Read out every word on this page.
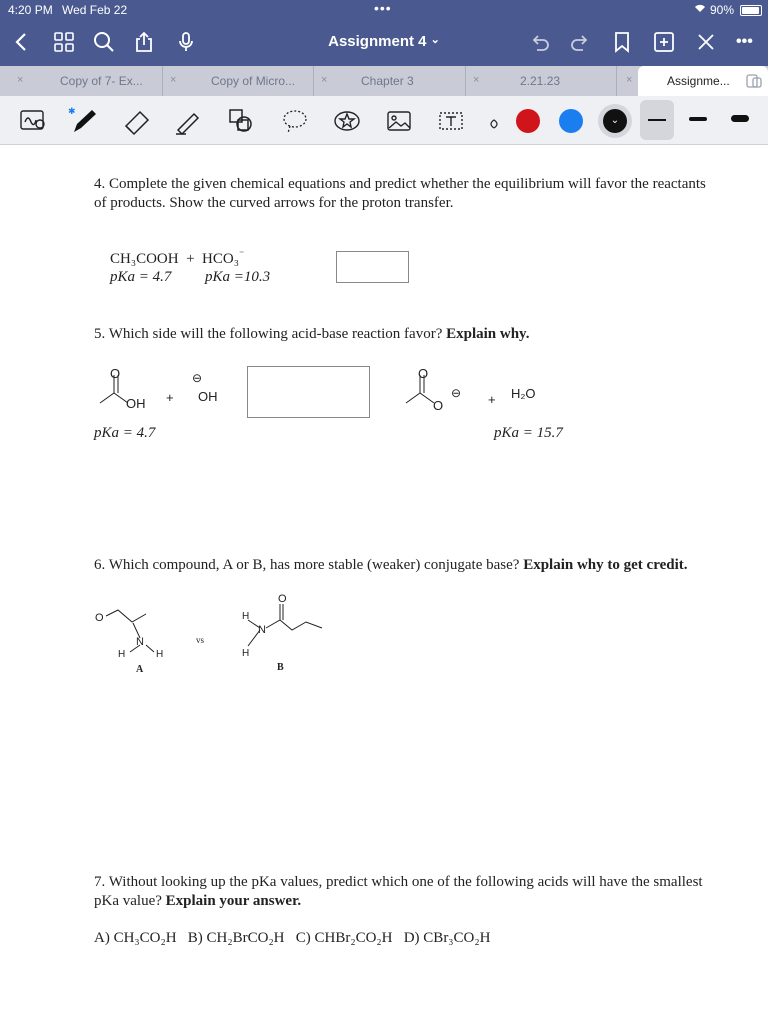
4:20 PM Wed Feb 22	•••	90%
Assignment 4 ⌄	•••
×	Copy of 7- Ex... ×	Copy of Micro... ×	Chapter 3	×	2.21.23	×	Assignme...
✱
⌄
4. Complete the given chemical equations and predict whether the equilibrium will favor the reactants of products. Show the curved arrows for the proton transfer.
CH₃COOH + HCO₃⁻
pKa = 4.7 pKa =10.3
5. Which side will the following acid-base reaction favor? Explain why.
O
OH +
⊖
OH
O
O
⊖ + H₂O
pKa = 4.7	pKa = 15.7
6. Which compound, A or B, has more stable (weaker) conjugate base? Explain why to get credit.
O
N
H	H
A
vs
O
N
H
H
B
7. Without looking up the pKa values, predict which one of the following acids will have the smallest pKa value? Explain your answer.
A) CH₃CO₂H   B) CH₂BrCO₂H   C) CHBr₂CO₂H   D) CBr₃CO₂H
